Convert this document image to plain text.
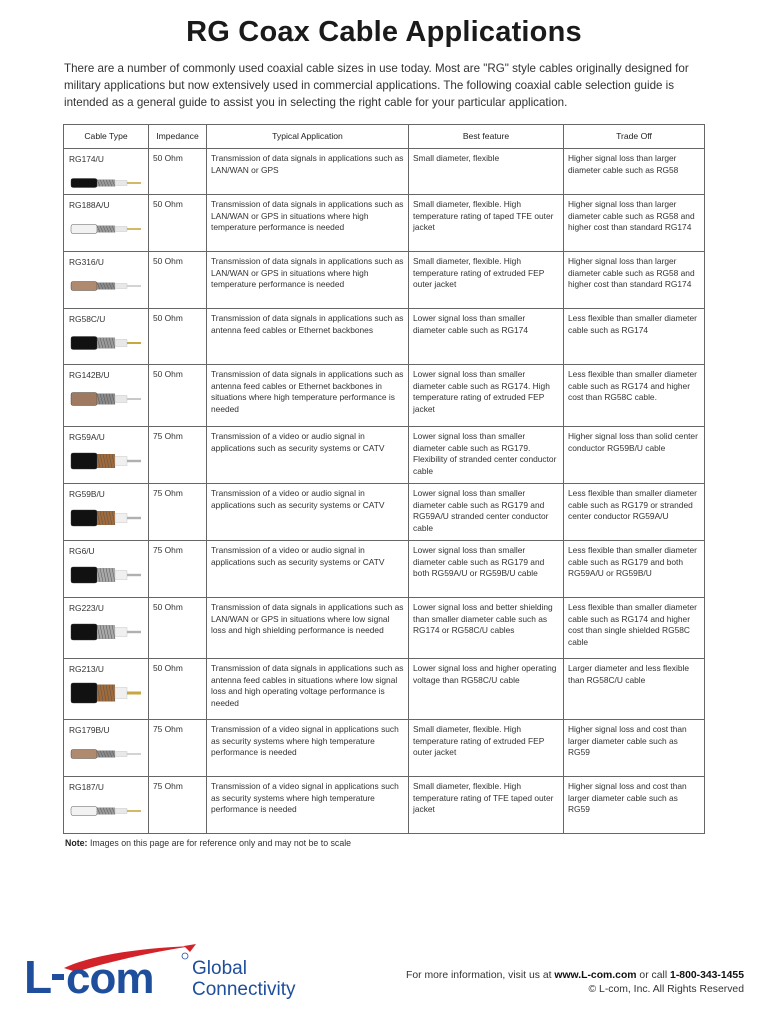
RG Coax Cable Applications

There are a number of commonly used coaxial cable sizes in use today. Most are "RG" style cables originally designed for military applications but now extensively used in commercial applications. The following coaxial cable selection guide is intended as a general guide to assist you in selecting the right cable for your particular application.

Cable Type	Impedance	Typical Application	Best feature	Trade Off

RG174/U	50 Ohm	Transmission of data signals in applications such as LAN/WAN or GPS	Small diameter, flexible	Higher signal loss than larger diameter cable such as RG58

RG188A/U	50 Ohm	Transmission of data signals in applications such as LAN/WAN or GPS in situations where high temperature performance is needed	Small diameter, flexible. High temperature rating of taped TFE outer jacket	Higher signal loss than larger diameter cable such as RG58 and higher cost than standard RG174

RG316/U	50 Ohm	Transmission of data signals in applications such as LAN/WAN or GPS in situations where high temperature performance is needed	Small diameter, flexible. High temperature rating of extruded FEP outer jacket	Higher signal loss than larger diameter cable such as RG58 and higher cost than standard RG174

RG58C/U	50 Ohm	Transmission of data signals in applications such as antenna feed cables or Ethernet backbones	Lower signal loss than smaller diameter cable such as RG174	Less flexible than smaller diameter cable such as RG174

RG142B/U	50 Ohm	Transmission of data signals in applications such as antenna feed cables or Ethernet backbones in situations where high temperature performance is needed	Lower signal loss than smaller diameter cable such as RG174. High temperature rating of extruded FEP jacket	Less flexible than smaller diameter cable such as RG174 and higher cost than RG58C cable.

RG59A/U	75 Ohm	Transmission of a video or audio signal in applications such as security systems or CATV	Lower signal loss than smaller diameter cable such as RG179. Flexibility of stranded center conductor cable	Higher signal loss than solid center conductor RG59B/U cable

RG59B/U	75 Ohm	Transmission of a video or audio signal in applications such as security systems or CATV	Lower signal loss than smaller diameter cable such as RG179 and RG59A/U stranded center conductor cable	Less flexible than smaller diameter cable such as RG179 or stranded center conductor RG59A/U

RG6/U	75 Ohm	Transmission of a video or audio signal in applications such as security systems or CATV	Lower signal loss than smaller diameter cable such as RG179 and both RG59A/U or RG59B/U cable	Less flexible than smaller diameter cable such as RG179 and both RG59A/U or RG59B/U

RG223/U	50 Ohm	Transmission of data signals in applications such as LAN/WAN or GPS in situations where low signal loss and high shielding performance is needed	Lower signal loss and better shielding than smaller diameter cable such as RG174 or RG58C/U cables	Less flexible than smaller diameter cable such as RG174 and higher cost than single shielded RG58C cable

RG213/U	50 Ohm	Transmission of data signals in applications such as antenna feed cables in situations where low signal loss and high operating voltage performance is needed	Lower signal loss and higher operating voltage than RG58C/U cable	Larger diameter and less flexible than RG58C/U cable

RG179B/U	75 Ohm	Transmission of a video signal in applications such as security systems where high temperature performance is needed	Small diameter, flexible. High temperature rating of extruded FEP outer jacket	Higher signal loss and cost than larger diameter cable such as RG59

RG187/U	75 Ohm	Transmission of a video signal in applications such as security systems where high temperature performance is needed	Small diameter, flexible. High temperature rating of TFE taped outer jacket	Higher signal loss and cost than larger diameter cable such as RG59
Note: Images on this page are for reference only and may not be to scale
L com Global
Connectivity
For more information, visit us at www.L-com.com or call 1-800-343-1455
© L-com, Inc. All Rights Reserved
